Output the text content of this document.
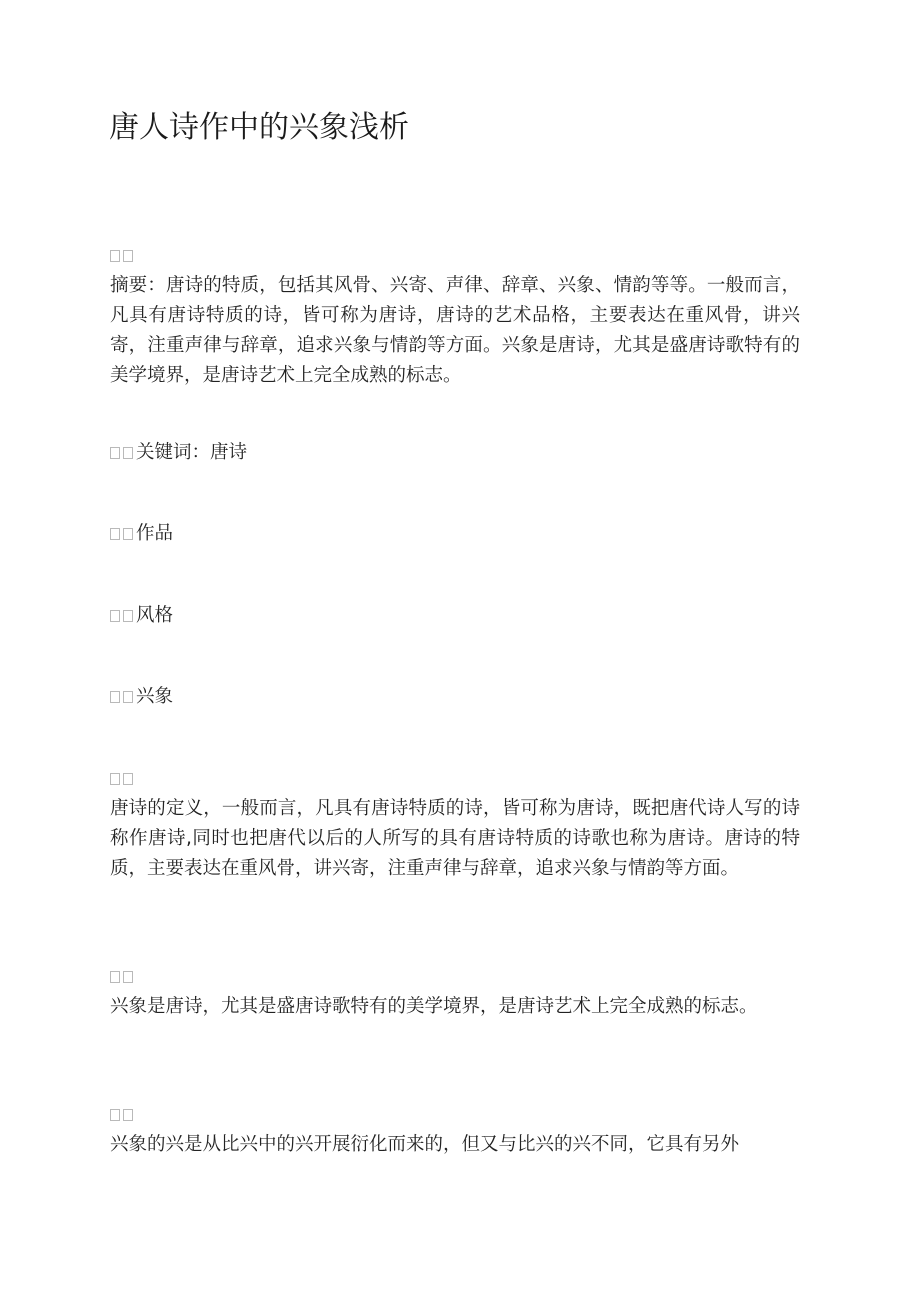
唐人诗作中的兴象浅析

摘要：唐诗的特质，包括其风骨、兴寄、声律、辞章、兴象、情韵等等。一般而言，凡具有唐诗特质的诗，皆可称为唐诗，唐诗的艺术品格，主要表达在重风骨，讲兴寄，注重声律与辞章，追求兴象与情韵等方面。兴象是唐诗，尤其是盛唐诗歌特有的美学境界，是唐诗艺术上完全成熟的标志。

关键词：唐诗
作品
风格
兴象

唐诗的定义，一般而言，凡具有唐诗特质的诗，皆可称为唐诗，既把唐代诗人写的诗称作唐诗,同时也把唐代以后的人所写的具有唐诗特质的诗歌也称为唐诗。唐诗的特质，主要表达在重风骨，讲兴寄，注重声律与辞章，追求兴象与情韵等方面。

兴象是唐诗，尤其是盛唐诗歌特有的美学境界，是唐诗艺术上完全成熟的标志。

兴象的兴是从比兴中的兴开展衍化而来的，但又与比兴的兴不同，它具有另外
